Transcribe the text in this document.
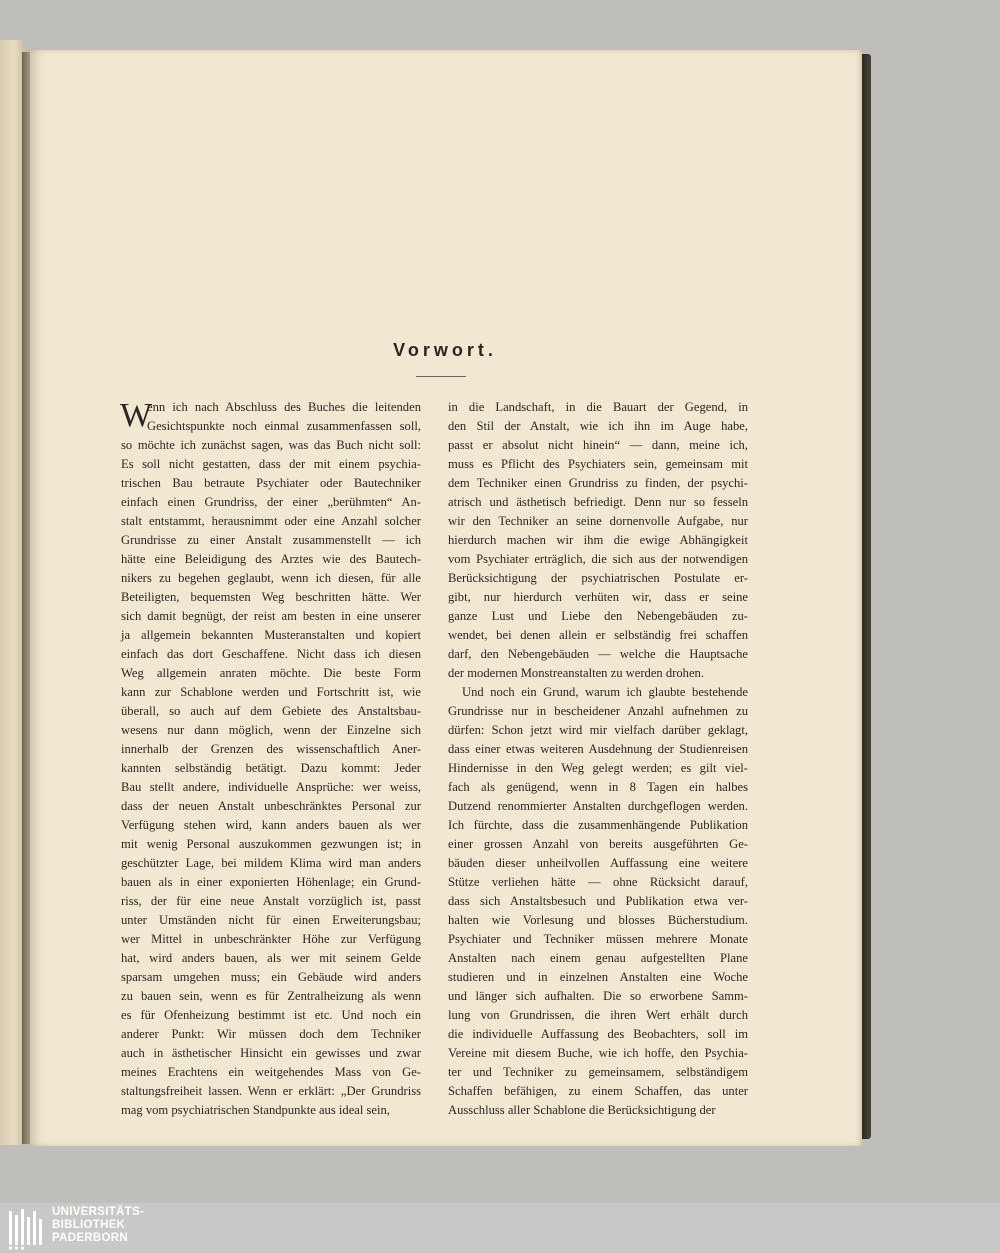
Vorwort.
W
enn ich nach Abschluss des Buches die leitenden
Gesichtspunkte noch einmal zusammenfassen soll,
so möchte ich zunächst sagen, was das Buch nicht soll:
Es soll nicht gestatten, dass der mit einem psychia-
trischen Bau betraute Psychiater oder Bautechniker
einfach einen Grundriss, der einer „berühmten“ An-
stalt entstammt, herausnimmt oder eine Anzahl solcher
Grundrisse zu einer Anstalt zusammenstellt — ich
hätte eine Beleidigung des Arztes wie des Bautech-
nikers zu begehen geglaubt, wenn ich diesen, für alle
Beteiligten, bequemsten Weg beschritten hätte. Wer
sich damit begnügt, der reist am besten in eine unserer
ja allgemein bekannten Musteranstalten und kopiert
einfach das dort Geschaffene. Nicht dass ich diesen
Weg allgemein anraten möchte. Die beste Form
kann zur Schablone werden und Fortschritt ist, wie
überall, so auch auf dem Gebiete des Anstaltsbau-
wesens nur dann möglich, wenn der Einzelne sich
innerhalb der Grenzen des wissenschaftlich Aner-
kannten selbständig betätigt. Dazu kommt: Jeder
Bau stellt andere, individuelle Ansprüche: wer weiss,
dass der neuen Anstalt unbeschränktes Personal zur
Verfügung stehen wird, kann anders bauen als wer
mit wenig Personal auszukommen gezwungen ist; in
geschützter Lage, bei mildem Klima wird man anders
bauen als in einer exponierten Höhenlage; ein Grund-
riss, der für eine neue Anstalt vorzüglich ist, passt
unter Umständen nicht für einen Erweiterungsbau;
wer Mittel in unbeschränkter Höhe zur Verfügung
hat, wird anders bauen, als wer mit seinem Gelde
sparsam umgehen muss; ein Gebäude wird anders
zu bauen sein, wenn es für Zentralheizung als wenn
es für Ofenheizung bestimmt ist etc. Und noch ein
anderer Punkt: Wir müssen doch dem Techniker
auch in ästhetischer Hinsicht ein gewisses und zwar
meines Erachtens ein weitgehendes Mass von Ge-
staltungsfreiheit lassen. Wenn er erklärt: „Der Grundriss
mag vom psychiatrischen Standpunkte aus ideal sein,
in die Landschaft, in die Bauart der Gegend, in
den Stil der Anstalt, wie ich ihn im Auge habe,
passt er absolut nicht hinein“ — dann, meine ich,
muss es Pflicht des Psychiaters sein, gemeinsam mit
dem Techniker einen Grundriss zu finden, der psychi-
atrisch und ästhetisch befriedigt. Denn nur so fesseln
wir den Techniker an seine dornenvolle Aufgabe, nur
hierdurch machen wir ihm die ewige Abhängigkeit
vom Psychiater erträglich, die sich aus der notwendigen
Berücksichtigung der psychiatrischen Postulate er-
gibt, nur hierdurch verhüten wir, dass er seine
ganze Lust und Liebe den Nebengebäuden zu-
wendet, bei denen allein er selbständig frei schaffen
darf, den Nebengebäuden — welche die Hauptsache
der modernen Monstreanstalten zu werden drohen.
Und noch ein Grund, warum ich glaubte bestehende
Grundrisse nur in bescheidener Anzahl aufnehmen zu
dürfen: Schon jetzt wird mir vielfach darüber geklagt,
dass einer etwas weiteren Ausdehnung der Studienreisen
Hindernisse in den Weg gelegt werden; es gilt viel-
fach als genügend, wenn in 8 Tagen ein halbes
Dutzend renommierter Anstalten durchgeflogen werden.
Ich fürchte, dass die zusammenhängende Publikation
einer grossen Anzahl von bereits ausgeführten Ge-
bäuden dieser unheilvollen Auffassung eine weitere
Stütze verliehen hätte — ohne Rücksicht darauf,
dass sich Anstaltsbesuch und Publikation etwa ver-
halten wie Vorlesung und blosses Bücherstudium.
Psychiater und Techniker müssen mehrere Monate
Anstalten nach einem genau aufgestellten Plane
studieren und in einzelnen Anstalten eine Woche
und länger sich aufhalten. Die so erworbene Samm-
lung von Grundrissen, die ihren Wert erhält durch
die individuelle Auffassung des Beobachters, soll im
Vereine mit diesem Buche, wie ich hoffe, den Psychia-
ter und Techniker zu gemeinsamem, selbständigem
Schaffen befähigen, zu einem Schaffen, das unter
Ausschluss aller Schablone die Berücksichtigung der
UNIVERSITÄTS-
BIBLIOTHEK
PADERBORN
